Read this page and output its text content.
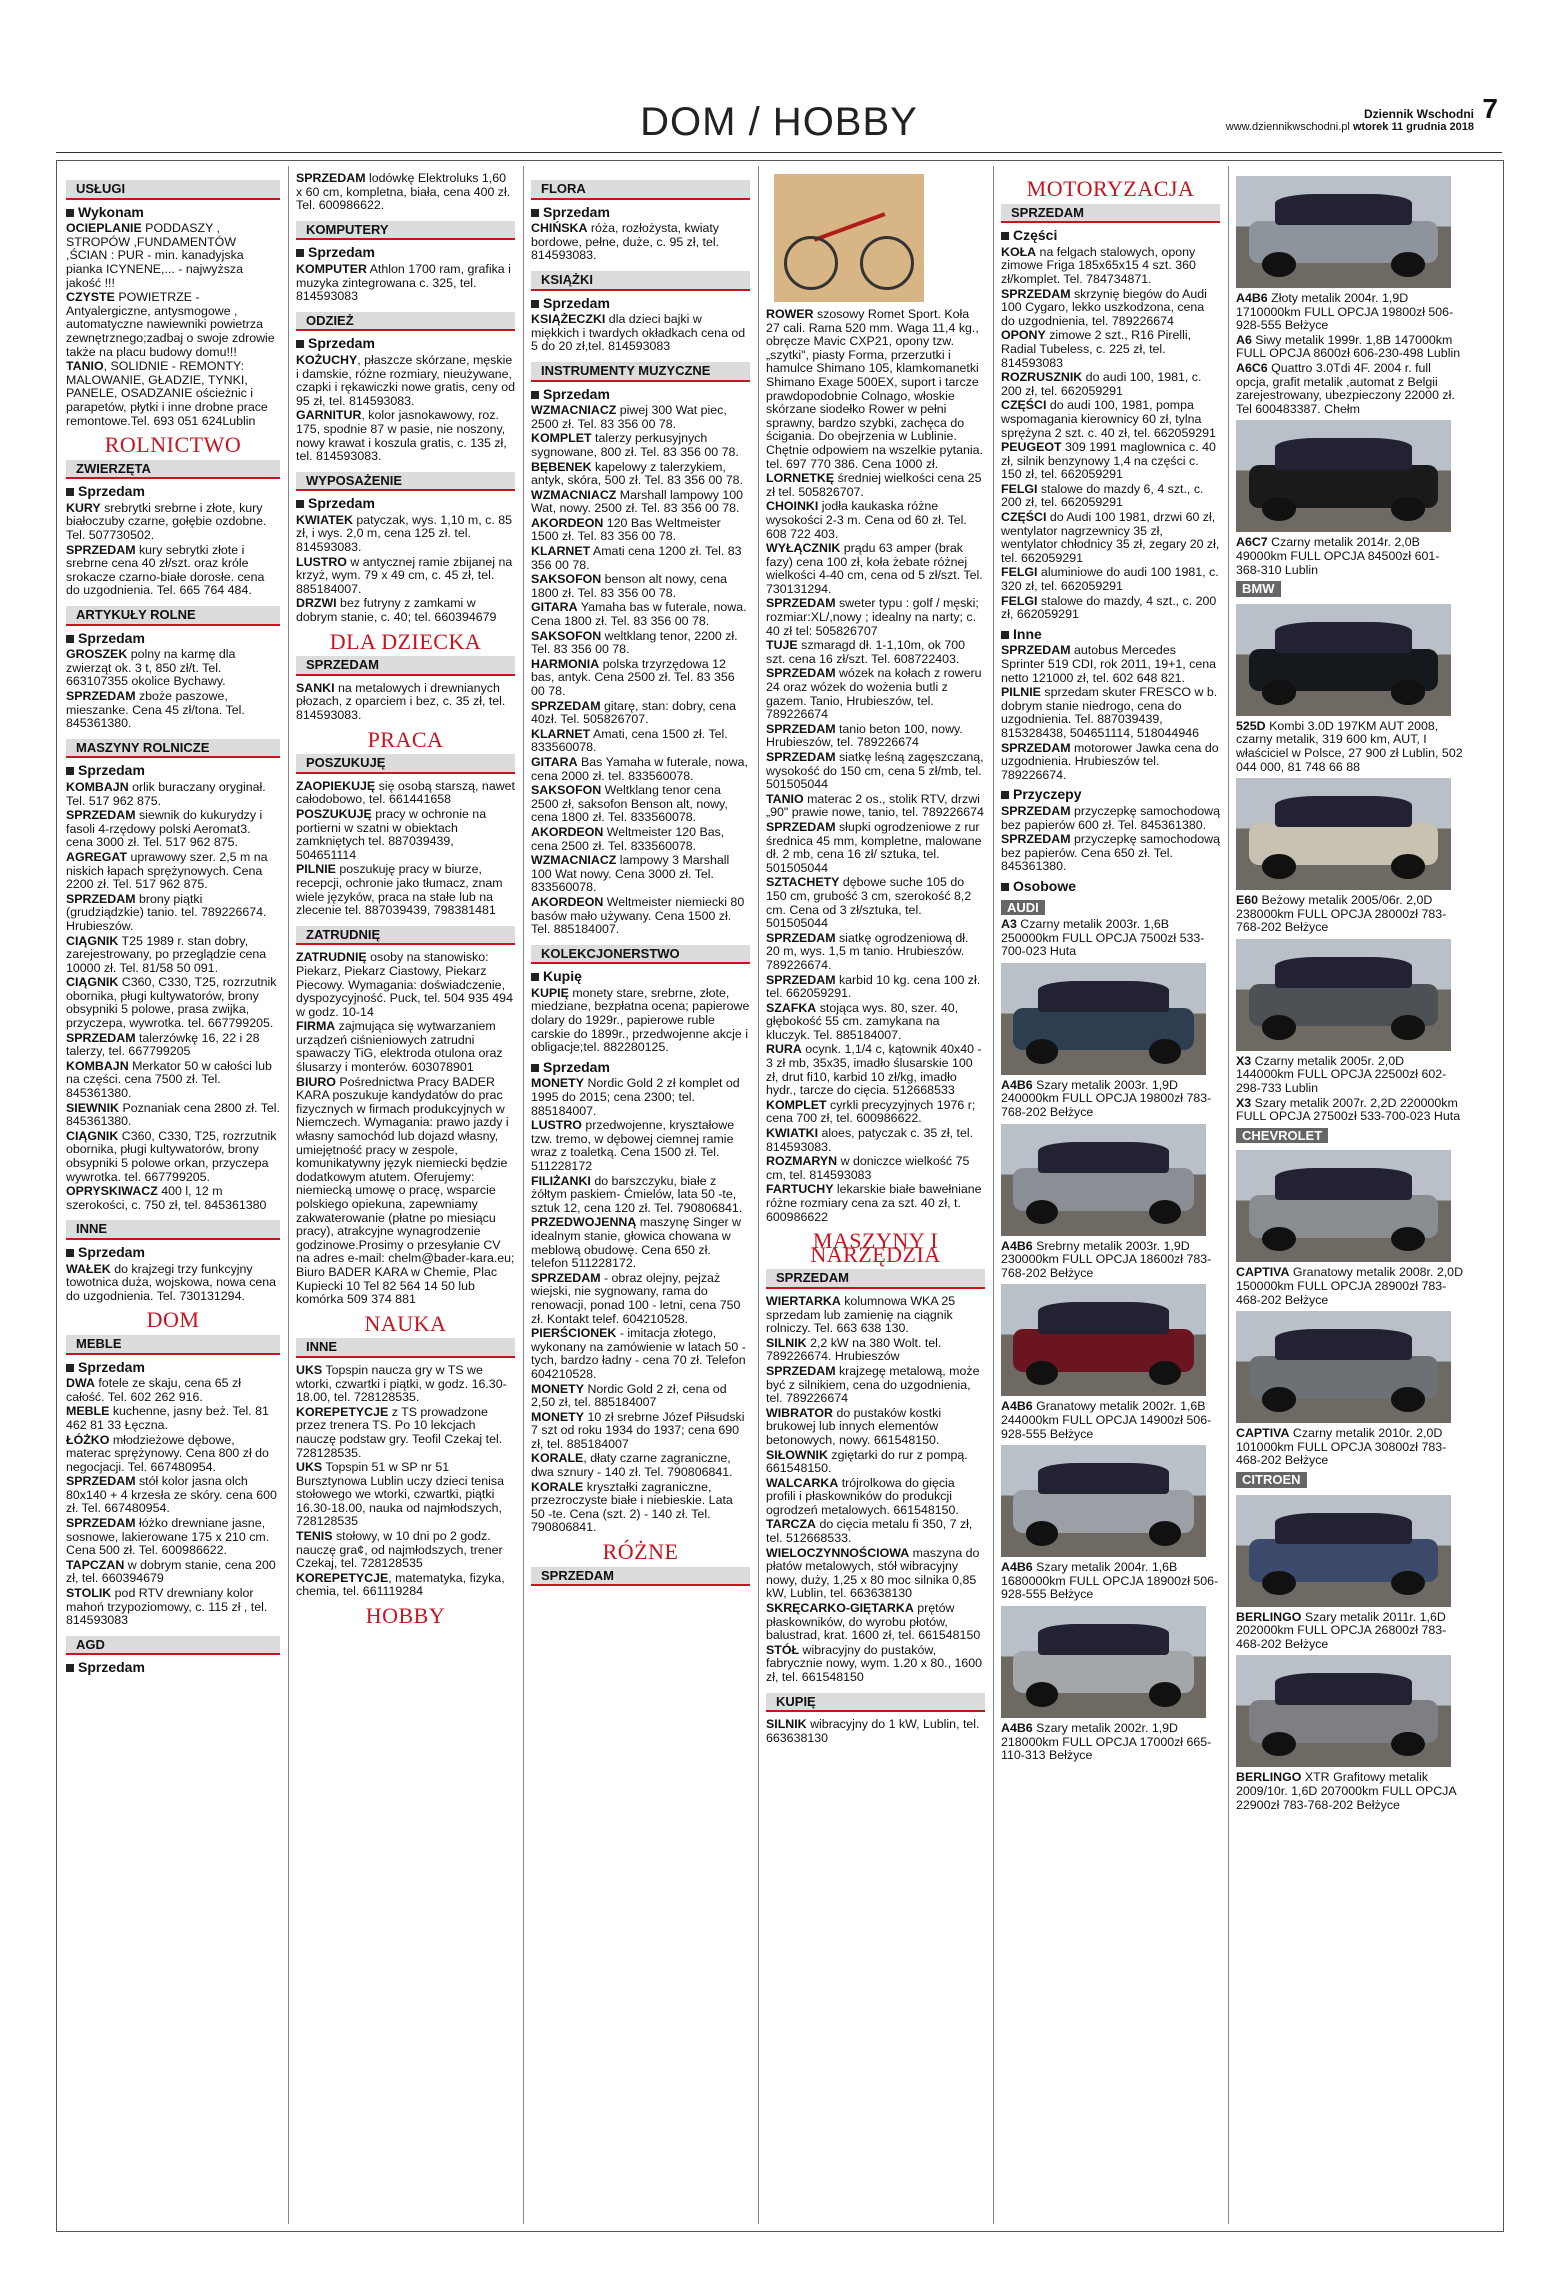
DOM / HOBBY	7
Dziennik Wschodni
www.dziennikwschodni.pl wtorek 11 grudnia 2018
USŁUGI
Wykonam
OCIEPLANIE PODDASZY , STROPÓW ,FUNDAMENTÓW ,ŚCIAN : PUR - min. kanadyjska pianka ICYNENE,... - najwyższa jakość !!!
CZYSTE POWIETRZE - Antyalergiczne, antysmogowe , automatyczne nawiewniki powietrza zewnętrznego;zadbaj o swoje zdrowie także na placu budowy domu!!!
TANIO, SOLIDNIE - REMONTY: MALOWANIE, GŁADZIE, TYNKI, PANELE, OSADZANIE ościeżnic i parapetów, płytki i inne drobne prace remontowe.Tel. 693 051 624Lublin
ROLNICTWO
ZWIERZĘTA
Sprzedam
KURY srebrytki srebrne i złote, kury białoczuby czarne, gołębie ozdobne. Tel. 507730502.
SPRZEDAM kury sebrytki złote i srebrne cena 40 zł/szt. oraz króle srokacze czarno-białe dorosłe. cena do uzgodnienia. Tel. 665 764 484.
ARTYKUŁY ROLNE
Sprzedam
GROSZEK polny na karmę dla zwierząt ok. 3 t, 850 zł/t. Tel. 663107355 okolice Bychawy.
SPRZEDAM zboże paszowe, mieszanke. Cena 45 zł/tona. Tel. 845361380.
MASZYNY ROLNICZE
Sprzedam
KOMBAJN orlik buraczany oryginał. Tel. 517 962 875.
SPRZEDAM siewnik do kukurydzy i fasoli 4-rzędowy polski Aeromat3. cena 3000 zł. Tel. 517 962 875.
AGREGAT uprawowy szer. 2,5 m na niskich łapach sprężynowych. Cena 2200 zł. Tel. 517 962 875.
SPRZEDAM brony piątki (grudziądzkie) tanio. tel. 789226674. Hrubieszów.
CIĄGNIK T25 1989 r. stan dobry, zarejestrowany, po przeglądzie cena 10000 zł. Tel. 81/58 50 091.
CIĄGNIK C360, C330, T25, rozrzutnik obornika, pługi kultywatorów, brony obsypniki 5 polowe, prasa zwijka, przyczepa, wywrotka. tel. 667799205.
SPRZEDAM talerzówkę 16, 22 i 28 talerzy, tel. 667799205
KOMBAJN Merkator 50 w całości lub na części. cena 7500 zł. Tel. 845361380.
SIEWNIK Poznaniak cena 2800 zł. Tel. 845361380.
CIĄGNIK C360, C330, T25, rozrzutnik obornika, pługi kultywatorów, brony obsypniki 5 polowe orkan, przyczepa wywrotka. tel. 667799205.
OPRYSKIWACZ 400 l, 12 m szerokości, c. 750 zł, tel. 845361380
INNE
Sprzedam
WAŁEK do krajzegi trzy funkcyjny towotnica duża, wojskowa, nowa cena do uzgodnienia. Tel. 730131294.
DOM
MEBLE
Sprzedam
DWA fotele ze skaju, cena 65 zł całość. Tel. 602 262 916.
MEBLE kuchenne, jasny beż. Tel. 81 462 81 33 Łęczna.
ŁÓŻKO młodzieżowe dębowe, materac sprężynowy. Cena 800 zł do negocjacji. Tel. 667480954.
SPRZEDAM stół kolor jasna olch 80x140 + 4 krzesła ze skóry. cena 600 zł. Tel. 667480954.
SPRZEDAM łóżko drewniane jasne, sosnowe, lakierowane 175 x 210 cm. Cena 500 zł. Tel. 600986622.
TAPCZAN w dobrym stanie, cena 200 zł, tel. 660394679
STOLIK pod RTV drewniany kolor mahoń trzypoziomowy, c. 115 zł , tel. 814593083
AGD
Sprzedam
SPRZEDAM lodówkę Elektroluks 1,60 x 60 cm, kompletna, biała, cena 400 zł. Tel. 600986622.
KOMPUTERY
Sprzedam
KOMPUTER Athlon 1700 ram, grafika i muzyka zintegrowana c. 325, tel. 814593083
ODZIEŻ
Sprzedam
KOŻUCHY, płaszcze skórzane, męskie i damskie, różne rozmiary, nieużywane, czapki i rękawiczki nowe gratis, ceny od 95 zł, tel. 814593083.
GARNITUR, kolor jasnokawowy, roz. 175, spodnie 87 w pasie, nie noszony, nowy krawat i koszula gratis, c. 135 zł, tel. 814593083.
WYPOSAŻENIE
Sprzedam
KWIATEK patyczak, wys. 1,10 m, c. 85 zł, i wys. 2,0 m, cena 125 zł. tel. 814593083.
LUSTRO w antycznej ramie zbijanej na krzyż, wym. 79 x 49 cm, c. 45 zł, tel. 885184007.
DRZWI bez futryny z zamkami w dobrym stanie, c. 40; tel. 660394679
DLA DZIECKA
SPRZEDAM
SANKI na metalowych i drewnianych płozach, z oparciem i bez, c. 35 zł, tel. 814593083.
PRACA
POSZUKUJĘ
ZAOPIEKUJĘ się osobą starszą, nawet całodobowo, tel. 661441658
POSZUKUJĘ pracy w ochronie na portierni w szatni w obiektach zamkniętych tel. 887039439, 504651114
PILNIE poszukuję pracy w biurze, recepcji, ochronie jako tłumacz, znam wiele języków, praca na stałe lub na zlecenie tel. 887039439, 798381481
ZATRUDNIĘ
ZATRUDNIĘ osoby na stanowisko: Piekarz, Piekarz Ciastowy, Piekarz Piecowy. Wymagania: doświadczenie, dyspozycyjność. Puck, tel. 504 935 494 w godz. 10-14
FIRMA zajmująca się wytwarzaniem urządzeń ciśnieniowych zatrudni spawaczy TiG, elektroda otulona oraz ślusarzy i monterów. 603078901
BIURO Pośrednictwa Pracy BADER KARA poszukuje kandydatów do prac fizycznych w firmach produkcyjnych w Niemczech. Wymagania: prawo jazdy i własny samochód lub dojazd własny, umiejętność pracy w zespole, komunikatywny język niemiecki będzie dodatkowym atutem. Oferujemy: niemiecką umowę o pracę, wsparcie polskiego opiekuna, zapewniamy zakwaterowanie (płatne po miesiącu pracy), atrakcyjne wynagrodzenie godzinowe.Prosimy o przesyłanie CV na adres e-mail: chelm@bader-kara.eu; Biuro BADER KARA w Chemie, Plac Kupiecki 10 Tel 82 564 14 50 lub komórka 509 374 881
NAUKA
INNE
UKS Topspin naucza gry w TS we wtorki, czwartki i piątki, w godz. 16.30-18.00, tel. 728128535.
KOREPETYCJE z TS prowadzone przez trenera TS. Po 10 lekcjach nauczę podstaw gry. Teofil Czekaj tel. 728128535.
UKS Topspin 51 w SP nr 51 Bursztynowa Lublin uczy dzieci tenisa stołowego we wtorki, czwartki, piątki 16.30-18.00, nauka od najmłodszych, 728128535
TENIS stołowy, w 10 dni po 2 godz. nauczę gra¢, od najmłodszych, trener Czekaj, tel. 728128535
KOREPETYCJE, matematyka, fizyka, chemia, tel. 661119284
HOBBY
FLORA
Sprzedam
CHIŃSKA róża, rozłożysta, kwiaty bordowe, pełne, duże, c. 95 zł, tel. 814593083.
KSIĄŻKI
Sprzedam
KSIĄŻECZKI dla dzieci bajki w miękkich i twardych okładkach cena od 5 do 20 zł,tel. 814593083
INSTRUMENTY MUZYCZNE
Sprzedam
WZMACNIACZ piwej 300 Wat piec, 2500 zł. Tel. 83 356 00 78.
KOMPLET talerzy perkusyjnych sygnowane, 800 zł. Tel. 83 356 00 78.
BĘBENEK kapelowy z talerzykiem, antyk, skóra, 500 zł. Tel. 83 356 00 78.
WZMACNIACZ Marshall lampowy 100 Wat, nowy. 2500 zł. Tel. 83 356 00 78.
AKORDEON 120 Bas Weltmeister 1500 zł. Tel. 83 356 00 78.
KLARNET Amati cena 1200 zł. Tel. 83 356 00 78.
SAKSOFON benson alt nowy, cena 1800 zł. Tel. 83 356 00 78.
GITARA Yamaha bas w futerale, nowa. Cena 1800 zł. Tel. 83 356 00 78.
SAKSOFON weltklang tenor, 2200 zł. Tel. 83 356 00 78.
HARMONIA polska trzyrzędowa 12 bas, antyk. Cena 2500 zł. Tel. 83 356 00 78.
SPRZEDAM gitarę, stan: dobry, cena 40zł. Tel. 505826707.
KLARNET Amati, cena 1500 zł. Tel. 833560078.
GITARA Bas Yamaha w futerale, nowa, cena 2000 zł. tel. 833560078.
SAKSOFON Weltklang tenor cena 2500 zł, saksofon Benson alt, nowy, cena 1800 zł. Tel. 833560078.
AKORDEON Weltmeister 120 Bas, cena 2500 zł. Tel. 833560078.
WZMACNIACZ lampowy 3 Marshall 100 Wat nowy. Cena 3000 zł. Tel. 833560078.
AKORDEON Weltmeister niemiecki 80 basów mało używany. Cena 1500 zł. Tel. 885184007.
KOLEKCJONERSTWO
Kupię
KUPIĘ monety stare, srebrne, złote, miedziane, bezpłatna ocena; papierowe dolary do 1929r., papierowe ruble carskie do 1899r., przedwojenne akcje i obligacje;tel. 882280125.
Sprzedam
MONETY Nordic Gold 2 zł komplet od 1995 do 2015; cena 2300; tel. 885184007.
LUSTRO przedwojenne, kryształowe tzw. tremo, w dębowej ciemnej ramie wraz z toaletką. Cena 1500 zł. Tel. 511228172
FILIŻANKI do barszczyku, białe z żółtym paskiem- Ćmielów, lata 50 -te, sztuk 12, cena 120 zł. Tel. 790806841.
PRZEDWOJENNĄ maszynę Singer w idealnym stanie, głowica chowana w meblową obudowę. Cena 650 zł. telefon 511228172.
SPRZEDAM - obraz olejny, pejzaż wiejski, nie sygnowany, rama do renowacji, ponad 100 - letni, cena 750 zł. Kontakt telef. 604210528.
PIERŚCIONEK - imitacja złotego, wykonany na zamówienie w latach 50 -tych, bardzo ładny - cena 70 zł. Telefon 604210528.
MONETY Nordic Gold 2 zł, cena od 2,50 zł, tel. 885184007
MONETY 10 zł srebrne Józef Piłsudski 7 szt od roku 1934 do 1937; cena 690 zł, tel. 885184007
KORALE, dłaty czarne zagraniczne, dwa sznury - 140 zł. Tel. 790806841.
KORALE kryształki zagraniczne, przezroczyste białe i niebieskie. Lata 50 -te. Cena (szt. 2) - 140 zł. Tel. 790806841.
RÓŻNE
SPRZEDAM
ROWER szosowy Romet Sport. Koła 27 cali. Rama 520 mm. Waga 11,4 kg., obręcze Mavic CXP21, opony tzw. „szytki", piasty Forma, przerzutki i hamulce Shimano 105, klamkomanetki Shimano Exage 500EX, suport i tarcze prawdopodobnie Colnago, włoskie skórzane siodełko Rower w pełni sprawny, bardzo szybki, zachęca do ścigania. Do obejrzenia w Lublinie. Chętnie odpowiem na wszelkie pytania. tel. 697 770 386. Cena 1000 zł.
LORNETKĘ średniej wielkości cena 25 zł tel. 505826707.
CHOINKI jodła kaukaska różne wysokości 2-3 m. Cena od 60 zł. Tel. 608 722 403.
WYŁĄCZNIK prądu 63 amper (brak fazy) cena 100 zł, koła żebate różnej wielkości 4-40 cm, cena od 5 zł/szt. Tel. 730131294.
SPRZEDAM sweter typu : golf / męski; rozmiar:XL/,nowy ; idealny na narty; c. 40 zł tel: 505826707
TUJE szmaragd dł. 1-1,10m, ok 700 szt. cena 16 zł/szt. Tel. 608722403.
SPRZEDAM wózek na kołach z roweru 24 oraz wózek do wożenia butli z gazem. Tanio, Hrubieszów, tel. 789226674
SPRZEDAM tanio beton 100, nowy. Hrubieszów, tel. 789226674
SPRZEDAM siatkę leśną zagęszczaną, wysokość do 150 cm, cena 5 zł/mb, tel. 501505044
TANIO materac 2 os., stolik RTV, drzwi „90" prawie nowe, tanio, tel. 789226674
SPRZEDAM słupki ogrodzeniowe z rur średnica 45 mm, kompletne, malowane dł. 2 mb, cena 16 zł/ sztuka, tel. 501505044
SZTACHETY dębowe suche 105 do 150 cm, grubość 3 cm, szerokość 8,2 cm. Cena od 3 zł/sztuka, tel. 501505044
SPRZEDAM siatkę ogrodzeniową dł. 20 m, wys. 1,5 m tanio. Hrubieszów. 789226674.
SPRZEDAM karbid 10 kg. cena 100 zł. tel. 662059291.
SZAFKA stojąca wys. 80, szer. 40, głębokość 55 cm. zamykana na kluczyk. Tel. 885184007.
RURA ocynk. 1,1/4 c, kątownik 40x40 - 3 zł mb, 35x35, imadło ślusarskie 100 zł, drut fi10, karbid 10 zł/kg, imadło hydr., tarcze do cięcia. 512668533
KOMPLET cyrkli precyzyjnych 1976 r; cena 700 zł, tel. 600986622.
KWIATKI aloes, patyczak c. 35 zł, tel. 814593083.
ROZMARYN w doniczce wielkość 75 cm, tel. 814593083
FARTUCHY lekarskie białe bawełniane różne rozmiary cena za szt. 40 zł, t. 600986622
MASZYNY I NARZĘDZIA
SPRZEDAM
WIERTARKA kolumnowa WKA 25 sprzedam lub zamienię na ciągnik rolniczy. Tel. 663 638 130.
SILNIK 2,2 kW na 380 Wolt. tel. 789226674. Hrubieszów
SPRZEDAM krajzegę metalową, może być z silnikiem, cena do uzgodnienia, tel. 789226674
WIBRATOR do pustaków kostki brukowej lub innych elementów betonowych, nowy. 661548150.
SIŁOWNIK zgiętarki do rur z pompą. 661548150.
WALCARKA trójrolkowa do gięcia profili i płaskowników do produkcji ogrodzeń metalowych. 661548150.
TARCZA do cięcia metalu fi 350, 7 zł, tel. 512668533.
WIELOCZYNNOŚCIOWA maszyna do płatów metalowych, stół wibracyjny nowy, duży, 1,25 x 80 moc silnika 0,85 kW, Lublin, tel. 663638130
SKRĘCARKO-GIĘTARKA prętów płaskowników, do wyrobu płotów, balustrad, krat. 1600 zł, tel. 661548150
STÓŁ wibracyjny do pustaków, fabrycznie nowy, wym. 1.20 x 80., 1600 zł, tel. 661548150
KUPIĘ
SILNIK wibracyjny do 1 kW, Lublin, tel. 663638130
MOTORYZACJA
SPRZEDAM
Części
KOŁA na felgach stalowych, opony zimowe Friga 185x65x15 4 szt. 360 zł/komplet. Tel. 784734871.
SPRZEDAM skrzynię biegów do Audi 100 Cygaro, lekko uszkodzona, cena do uzgodnienia, tel. 789226674
OPONY zimowe 2 szt., R16 Pirelli, Radial Tubeless, c. 225 zł, tel. 814593083
ROZRUSZNIK do audi 100, 1981, c. 200 zł, tel. 662059291
CZĘŚCI do audi 100, 1981, pompa wspomagania kierownicy 60 zł, tylna sprężyna 2 szt. c. 40 zł, tel. 662059291
PEUGEOT 309 1991 maglownica c. 40 zł, silnik benzynowy 1,4 na części c. 150 zł, tel. 662059291
FELGI stalowe do mazdy 6, 4 szt., c. 200 zł, tel. 662059291
CZĘŚCI do Audi 100 1981, drzwi 60 zł, wentylator nagrzewnicy 35 zł, wentylator chłodnicy 35 zł, zegary 20 zł, tel. 662059291
FELGI aluminiowe do audi 100 1981, c. 320 zł, tel. 662059291
FELGI stalowe do mazdy, 4 szt., c. 200 zł, 662059291
Inne
SPRZEDAM autobus Mercedes Sprinter 519 CDI, rok 2011, 19+1, cena netto 121000 zł, tel. 602 648 821.
PILNIE sprzedam skuter FRESCO w b. dobrym stanie niedrogo, cena do uzgodnienia. Tel. 887039439, 815328438, 504651114, 518044946
SPRZEDAM motorower Jawka cena do uzgodnienia. Hrubieszów tel. 789226674.
Przyczepy
SPRZEDAM przyczepkę samochodową bez papierów 600 zł. Tel. 845361380.
SPRZEDAM przyczepkę samochodową bez papierów. Cena 650 zł. Tel. 845361380.
Osobowe
AUDI
A3 Czarny metalik 2003r. 1,6B 250000km FULL OPCJA 7500zł 533-700-023 Huta
A4B6 Szary metalik 2003r. 1,9D 240000km FULL OPCJA 19800zł 783-768-202 Bełżyce
A4B6 Srebrny metalik 2003r. 1,9D 230000km FULL OPCJA 18600zł 783-768-202 Bełżyce
A4B6 Granatowy metalik 2002r. 1,6B 244000km FULL OPCJA 14900zł 506-928-555 Bełżyce
A4B6 Szary metalik 2004r. 1,6B 1680000km FULL OPCJA 18900zł 506-928-555 Bełżyce
A4B6 Szary metalik 2002r. 1,9D 218000km FULL OPCJA 17000zł 665-110-313 Bełżyce
A4B6 Złoty metalik 2004r. 1,9D 1710000km FULL OPCJA 19800zł 506-928-555 Bełżyce
A6 Siwy metalik 1999r. 1,8B 147000km FULL OPCJA 8600zł 606-230-498 Lublin
A6C6 Quattro 3.0Tdi 4F. 2004 r. full opcja, grafit metalik ,automat z Belgii zarejestrowany, ubezpieczony 22000 zł. Tel 600483387. Chełm
A6C7 Czarny metalik 2014r. 2,0B 49000km FULL OPCJA 84500zł 601-368-310 Lublin
BMW
525D Kombi 3.0D 197KM AUT 2008, czarny metalik, 319 600 km, AUT, I właściciel w Polsce, 27 900 zł Lublin, 502 044 000, 81 748 66 88
E60 Beżowy metalik 2005/06r. 2,0D 238000km FULL OPCJA 28000zł 783-768-202 Bełżyce
X3 Czarny metalik 2005r. 2,0D 144000km FULL OPCJA 22500zł 602-298-733 Lublin
X3 Szary metalik 2007r. 2,2D 220000km FULL OPCJA 27500zł 533-700-023 Huta
CHEVROLET
CAPTIVA Granatowy metalik 2008r. 2,0D 150000km FULL OPCJA 28900zł 783-468-202 Bełżyce
CAPTIVA Czarny metalik 2010r. 2,0D 101000km FULL OPCJA 30800zł 783-468-202 Bełżyce
CITROEN
BERLINGO Szary metalik 2011r. 1,6D 202000km FULL OPCJA 26800zł 783-468-202 Bełżyce
BERLINGO XTR Grafitowy metalik 2009/10r. 1,6D 207000km FULL OPCJA 22900zł 783-768-202 Bełżyce
